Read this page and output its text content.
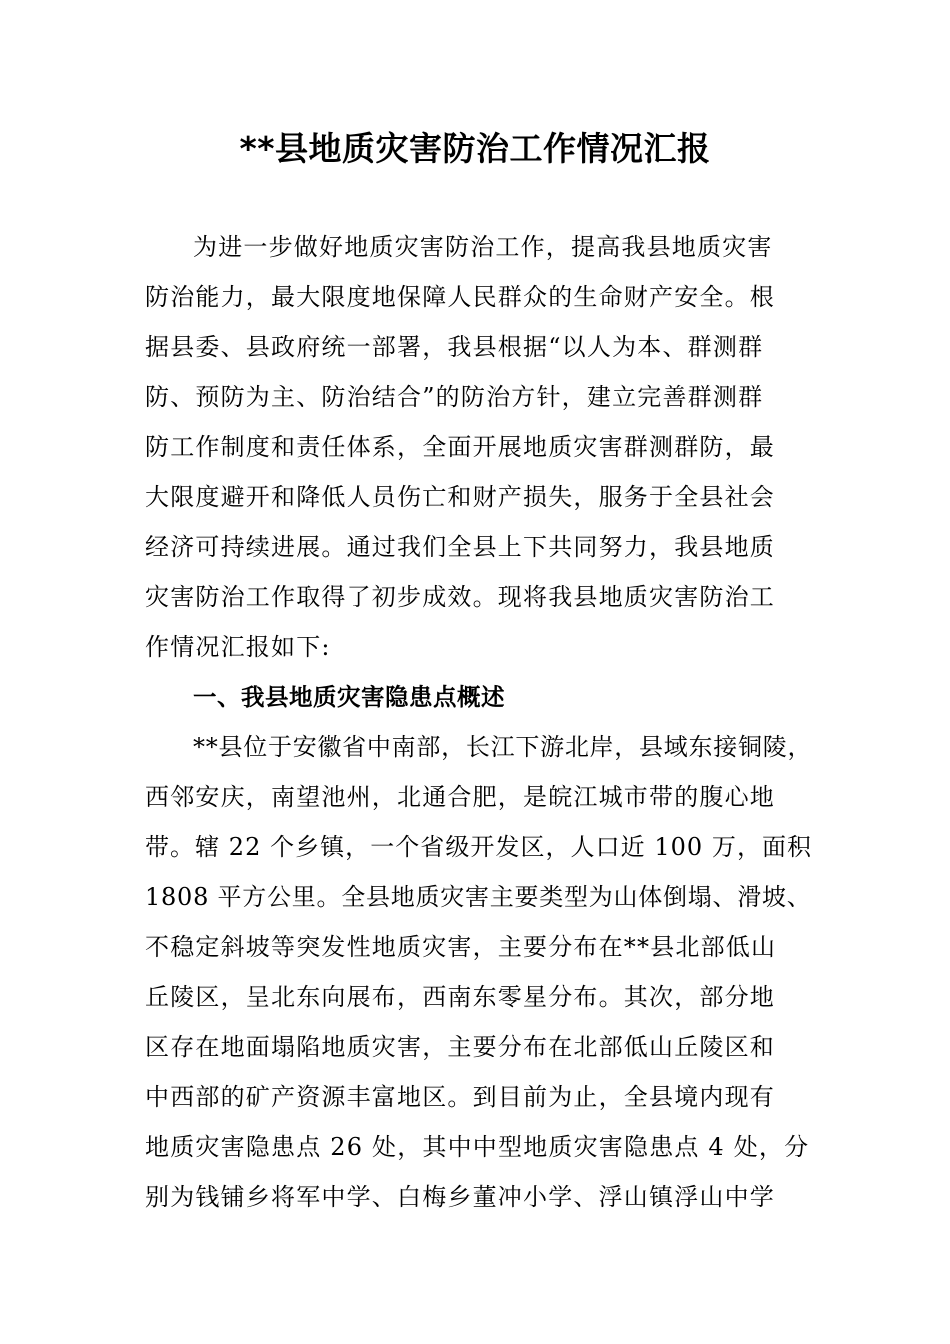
**县地质灾害防治工作情况汇报
为进一步做好地质灾害防治工作，提高我县地质灾害
防治能力，最大限度地保障人民群众的生命财产安全。根
据县委、县政府统一部署，我县根据“以人为本、群测群
防、预防为主、防治结合”的防治方针，建立完善群测群
防工作制度和责任体系，全面开展地质灾害群测群防，最
大限度避开和降低人员伤亡和财产损失，服务于全县社会
经济可持续进展。通过我们全县上下共同努力，我县地质
灾害防治工作取得了初步成效。现将我县地质灾害防治工
作情况汇报如下:
一、我县地质灾害隐患点概述
**县位于安徽省中南部，长江下游北岸，县域东接铜陵，
西邻安庆，南望池州，北通合肥，是皖江城市带的腹心地
带。辖 22 个乡镇，一个省级开发区，人口近 100 万，面积
1808 平方公里。全县地质灾害主要类型为山体倒塌、滑坡、
不稳定斜坡等突发性地质灾害，主要分布在**县北部低山
丘陵区，呈北东向展布，西南东零星分布。其次，部分地
区存在地面塌陷地质灾害，主要分布在北部低山丘陵区和
中西部的矿产资源丰富地区。到目前为止，全县境内现有
地质灾害隐患点 26 处，其中中型地质灾害隐患点 4 处，分
别为钱铺乡将军中学、白梅乡董冲小学、浮山镇浮山中学
